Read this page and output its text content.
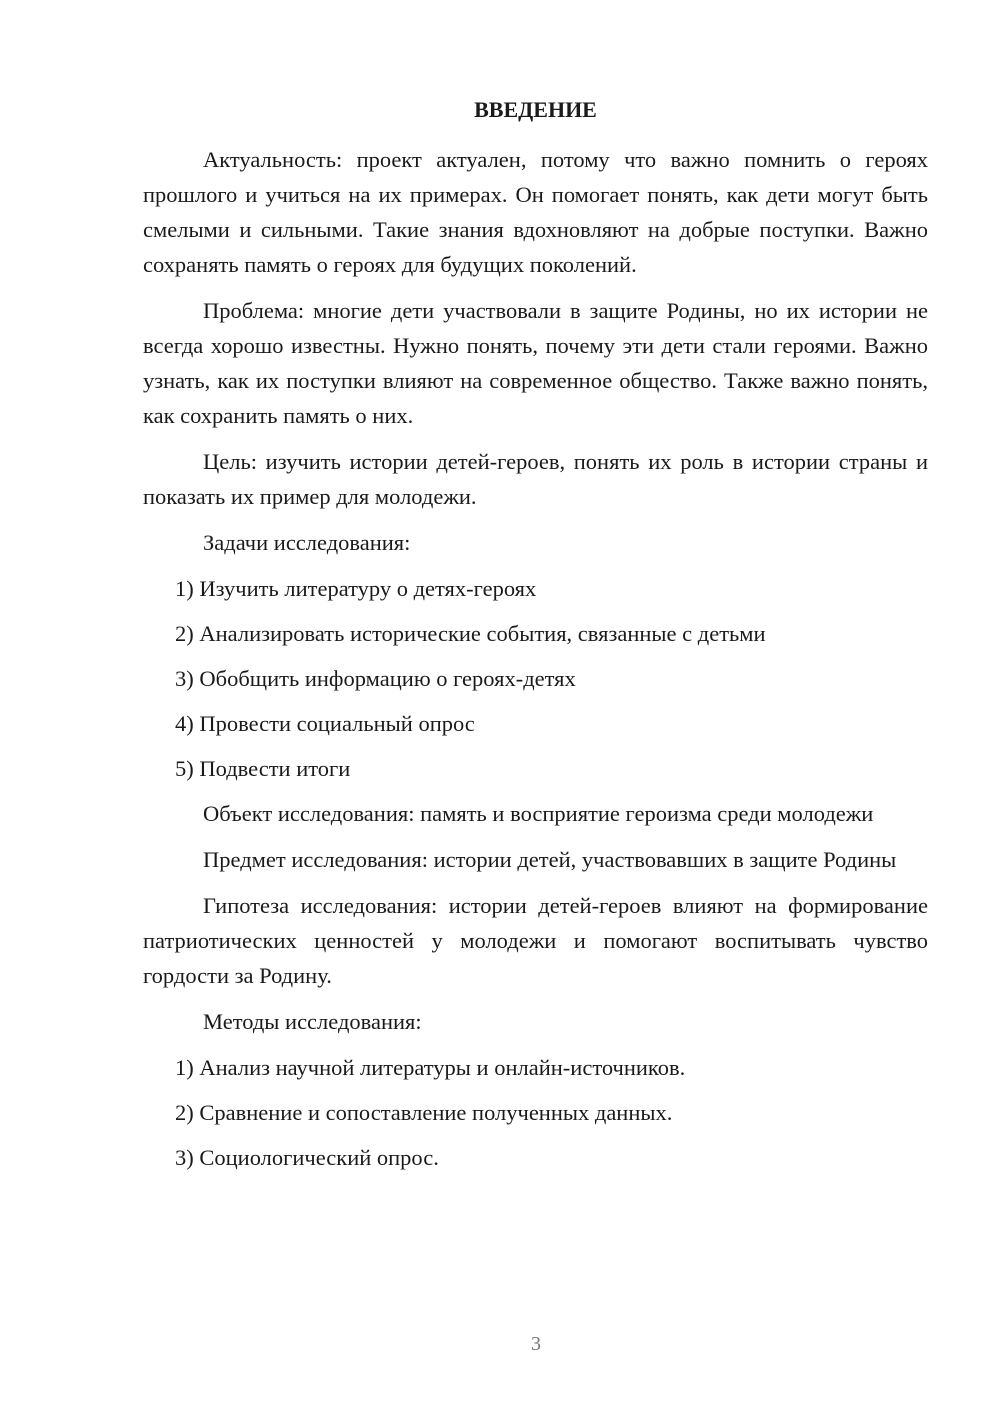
ВВЕДЕНИЕ

Актуальность: проект актуален, потому что важно помнить о героях прошлого и учиться на их примерах. Он помогает понять, как дети могут быть смелыми и сильными. Такие знания вдохновляют на добрые поступки. Важно сохранять память о героях для будущих поколений.

Проблема: многие дети участвовали в защите Родины, но их истории не всегда хорошо известны. Нужно понять, почему эти дети стали героями. Важно узнать, как их поступки влияют на современное общество. Также важно понять, как сохранить память о них.

Цель: изучить истории детей-героев, понять их роль в истории страны и показать их пример для молодежи.

Задачи исследования:

1) Изучить литературу о детях-героях
2) Анализировать исторические события, связанные с детьми
3) Обобщить информацию о героях-детях
4) Провести социальный опрос
5) Подвести итоги

Объект исследования: память и восприятие героизма среди молодежи

Предмет исследования: истории детей, участвовавших в защите Родины

Гипотеза исследования: истории детей-героев влияют на формирование патриотических ценностей у молодежи и помогают воспитывать чувство гордости за Родину.

Методы исследования:

1) Анализ научной литературы и онлайн-источников.
2) Сравнение и сопоставление полученных данных.
3) Социологический опрос.
3
